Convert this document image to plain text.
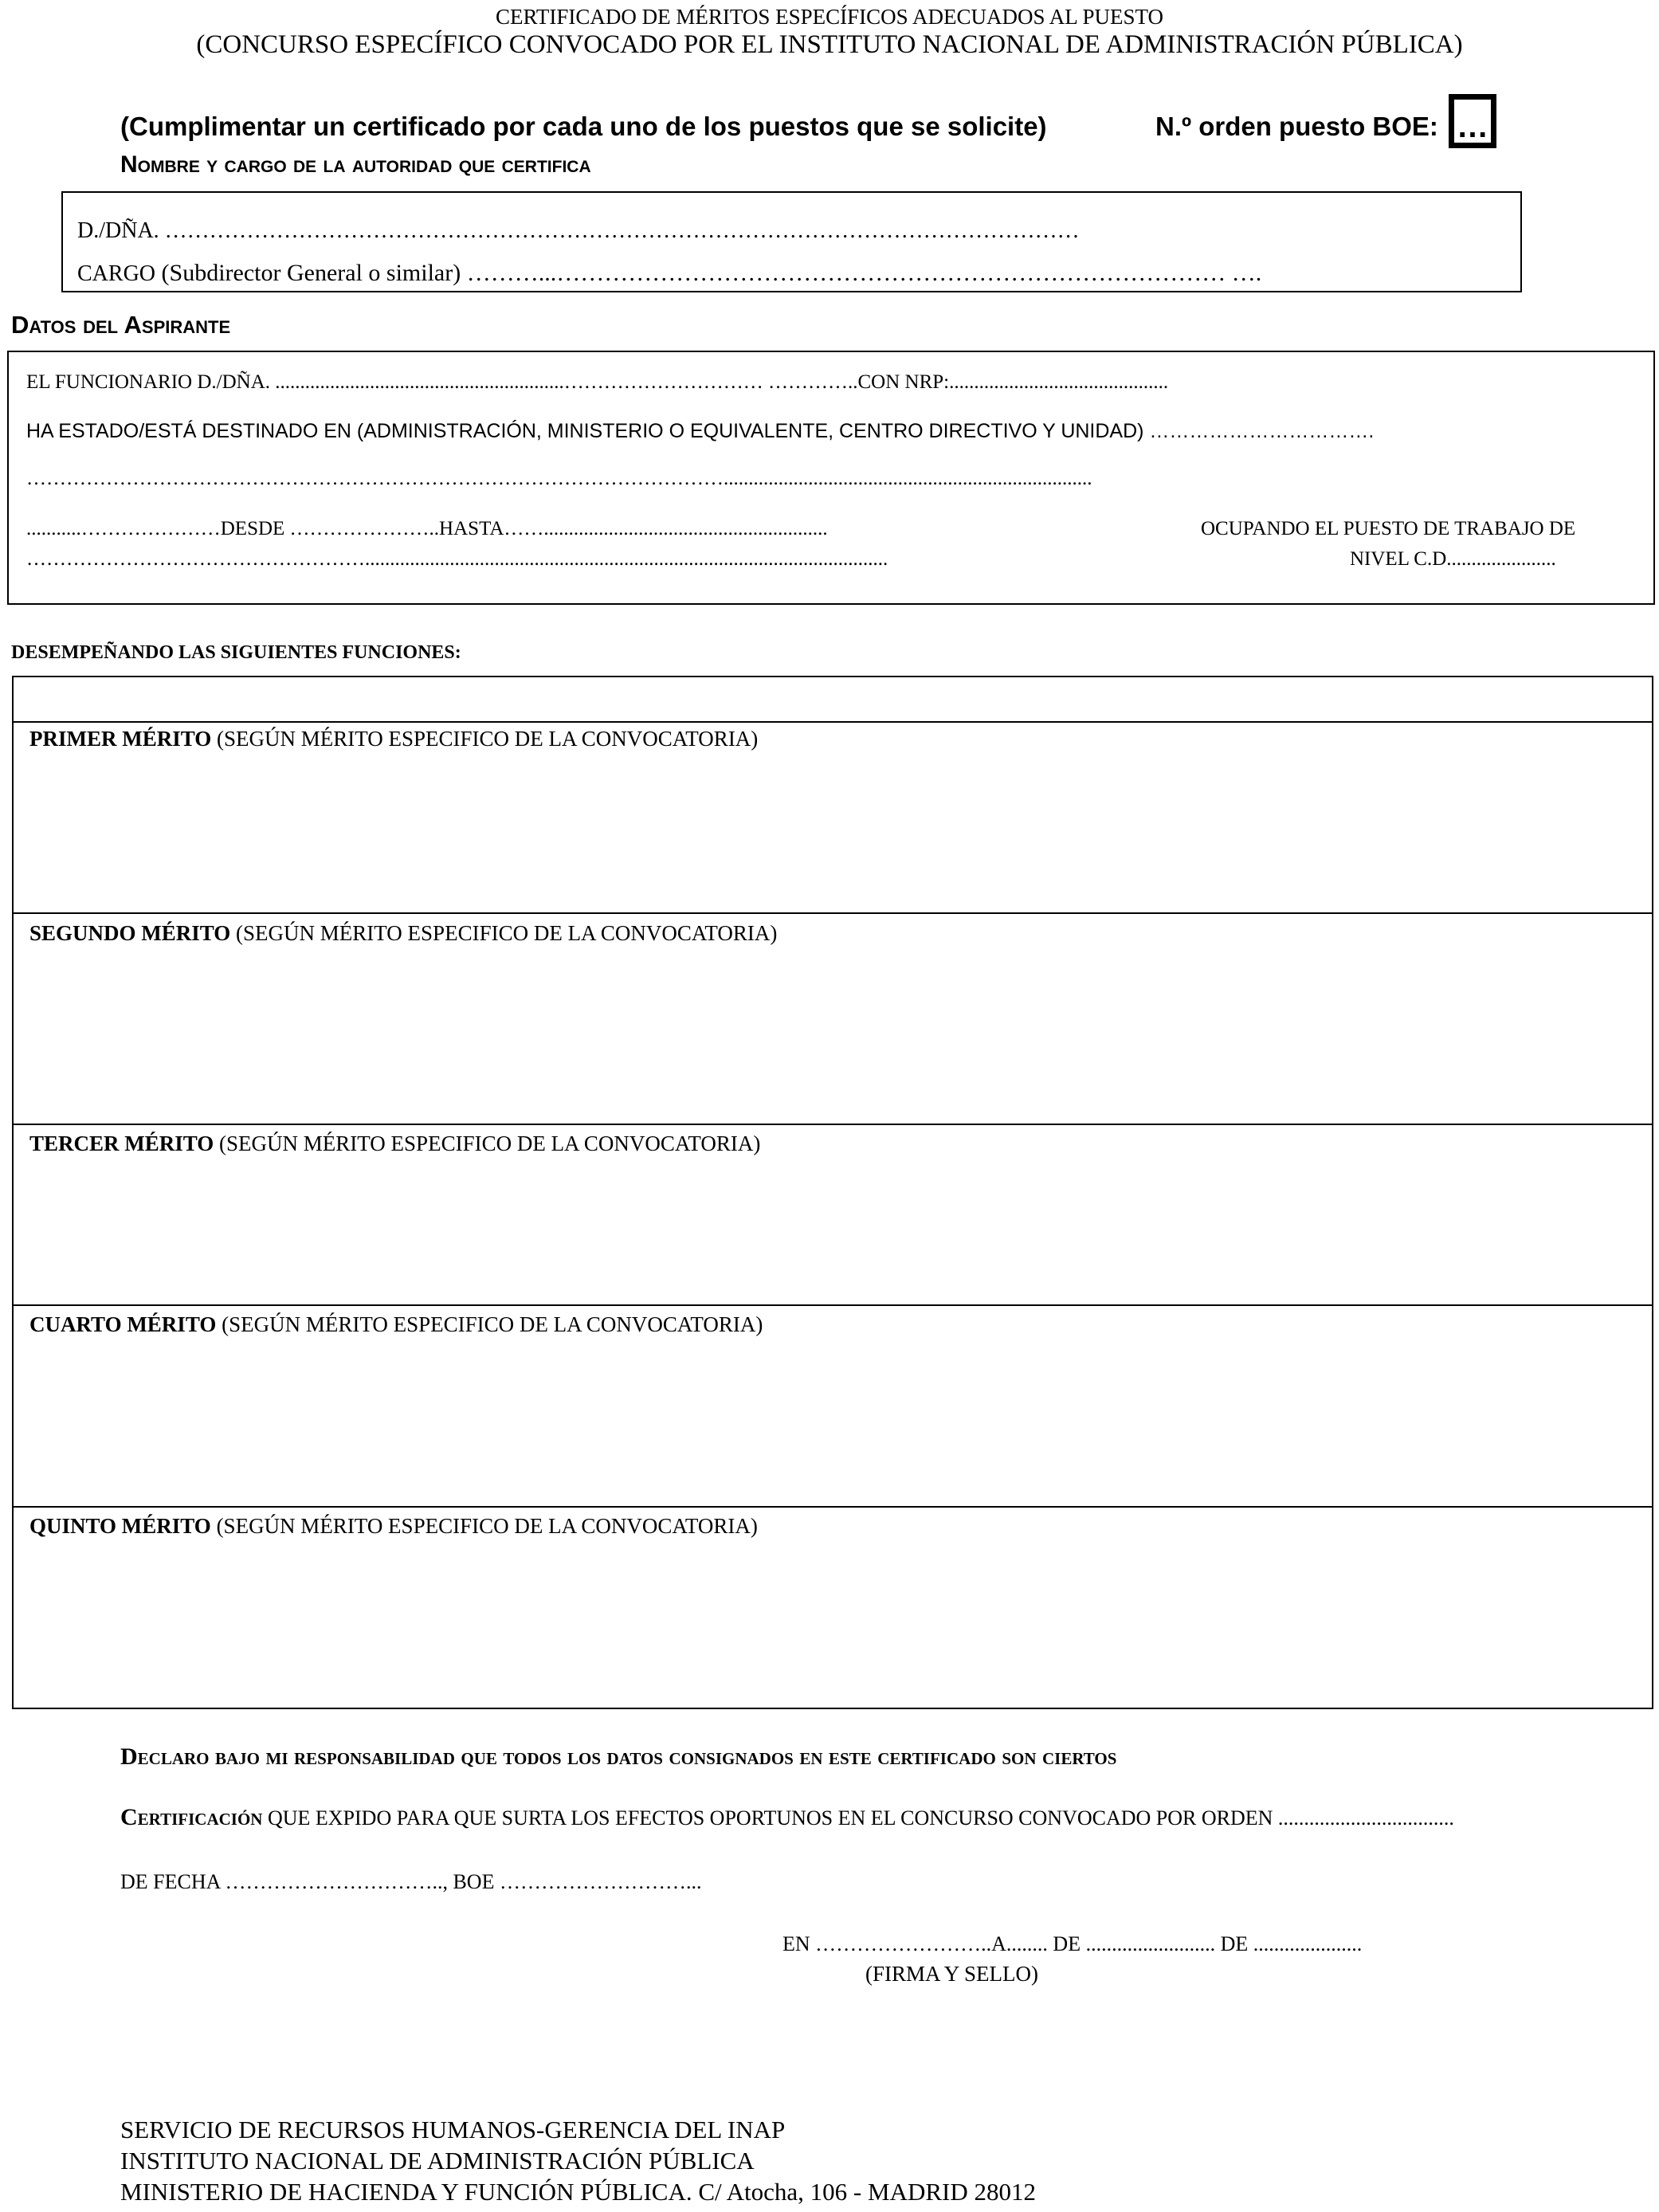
CERTIFICADO DE MÉRITOS ESPECÍFICOS ADECUADOS AL PUESTO
(CONCURSO ESPECÍFICO CONVOCADO POR EL INSTITUTO NACIONAL DE ADMINISTRACIÓN PÚBLICA)
(Cumplimentar un certificado por cada uno de los puestos que se solicite)	N.º orden puesto BOE: …
Nombre y cargo de la autoridad que certifica
D./DÑA. ……………………………………………………………………………………………………………
CARGO (Subdirector General o similar) ………...………………………………………………………………………… ….
Datos del Aspirante
EL FUNCIONARIO D./DÑA. ..........................................................………………………… …………..CON NRP:............................................
HA ESTADO/ESTÁ DESTINADO EN (ADMINISTRACIÓN, MINISTERIO O EQUIVALENTE, CENTRO DIRECTIVO Y UNIDAD) …………………………….
……………………………………………………………………………………………..........................................................................
...........…………………DESDE …………………..HASTA…….........................................................	OCUPANDO EL PUESTO DE TRABAJO DE
…………………………………………….........................................................................................................	NIVEL C.D......................
DESEMPEÑANDO LAS SIGUIENTES FUNCIONES:
PRIMER MÉRITO (SEGÚN MÉRITO ESPECIFICO DE LA CONVOCATORIA)
SEGUNDO MÉRITO (SEGÚN MÉRITO ESPECIFICO DE LA CONVOCATORIA)
TERCER MÉRITO (SEGÚN MÉRITO ESPECIFICO DE LA CONVOCATORIA)
CUARTO MÉRITO (SEGÚN MÉRITO ESPECIFICO DE LA CONVOCATORIA)
QUINTO MÉRITO (SEGÚN MÉRITO ESPECIFICO DE LA CONVOCATORIA)
Declaro bajo mi responsabilidad que todos los datos consignados en este certificado son ciertos
Certificación QUE EXPIDO PARA QUE SURTA LOS EFECTOS OPORTUNOS EN EL CONCURSO CONVOCADO POR ORDEN ..................................
DE FECHA ………………………….., BOE ………………………...
EN ……………………..A........ DE ......................... DE .....................
(FIRMA Y SELLO)
SERVICIO DE RECURSOS HUMANOS-GERENCIA DEL INAP
INSTITUTO NACIONAL DE ADMINISTRACIÓN PÚBLICA
MINISTERIO DE HACIENDA Y FUNCIÓN PÚBLICA. C/ Atocha, 106 - MADRID 28012
